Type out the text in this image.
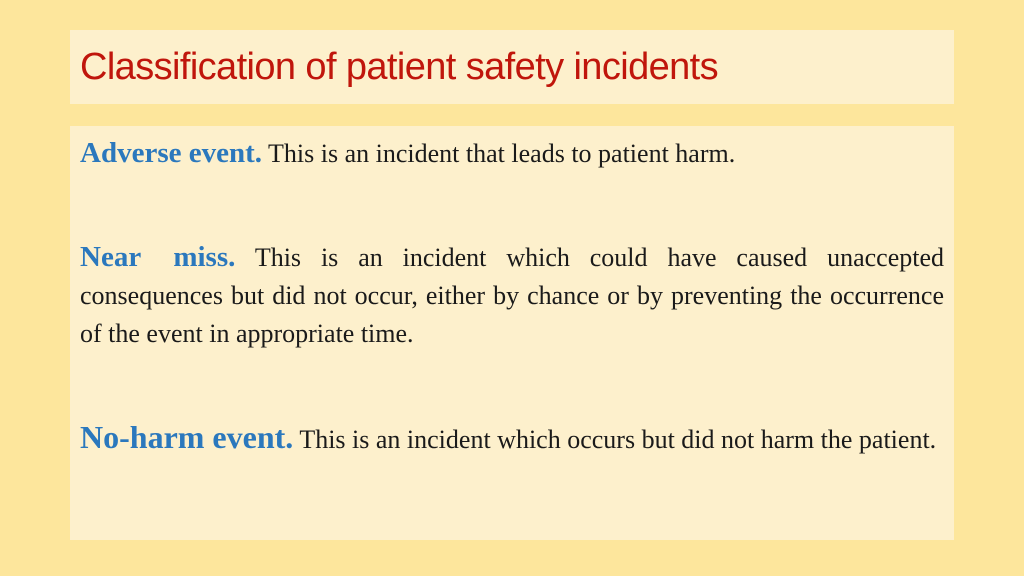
Classification of patient safety incidents

Adverse event. This is an incident that leads to patient harm.

Near miss. This is an incident which could have caused unaccepted consequences but did not occur, either by chance or by preventing the occurrence of the event in appropriate time.

No-harm event. This is an incident which occurs but did not harm the patient.
